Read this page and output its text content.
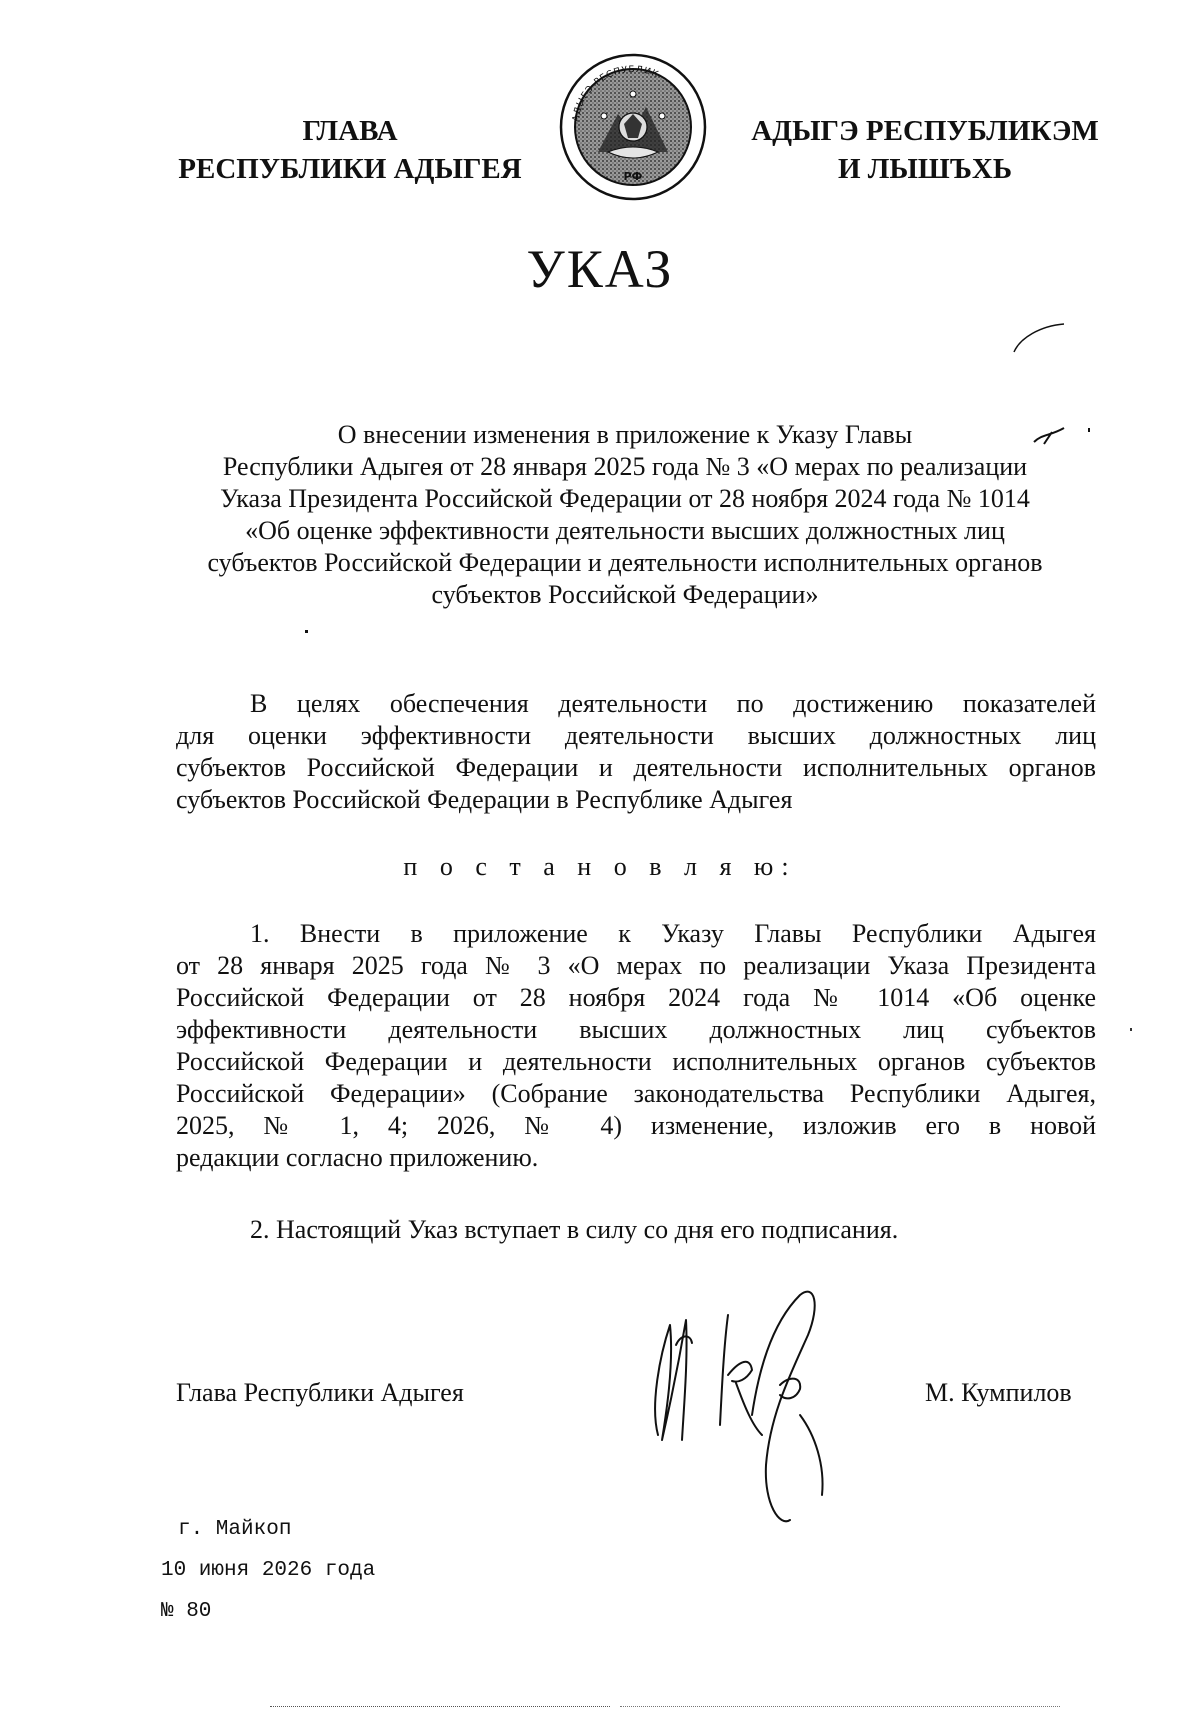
ГЛАВА
РЕСПУБЛИКИ АДЫГЕЯ
АДЫГЭ РЕСПУБЛИК
РФ
АДЫГЭ РЕСПУБЛИКЭМ
И ЛЫШЪХЬ
УКАЗ
О внесении изменения в приложение к Указу Главы
Республики Адыгея от 28 января 2025 года № 3 «О мерах по реализации
Указа Президента Российской Федерации от 28 ноября 2024 года № 1014
«Об оценке эффективности деятельности высших должностных лиц
субъектов Российской Федерации и деятельности исполнительных органов
субъектов Российской Федерации»
В целях обеспечения деятельности по достижению показателей
для оценки эффективности деятельности высших должностных лиц
субъектов Российской Федерации и деятельности исполнительных органов
субъектов Российской Федерации в Республике Адыгея
п о с т а н о в л я ю:
1. Внести в приложение к Указу Главы Республики Адыгея
от 28 января 2025 года № 3 «О мерах по реализации Указа Президента
Российской Федерации от 28 ноября 2024 года № 1014 «Об оценке
эффективности деятельности высших должностных лиц субъектов
Российской Федерации и деятельности исполнительных органов субъектов
Российской Федерации» (Собрание законодательства Республики Адыгея,
2025, № 1, 4; 2026, № 4) изменение, изложив его в новой
редакции согласно приложению.
2. Настоящий Указ вступает в силу со дня его подписания.
Глава Республики Адыгея	М. Кумпилов
г. Майкоп
10 июня 2026 года
№ 80
